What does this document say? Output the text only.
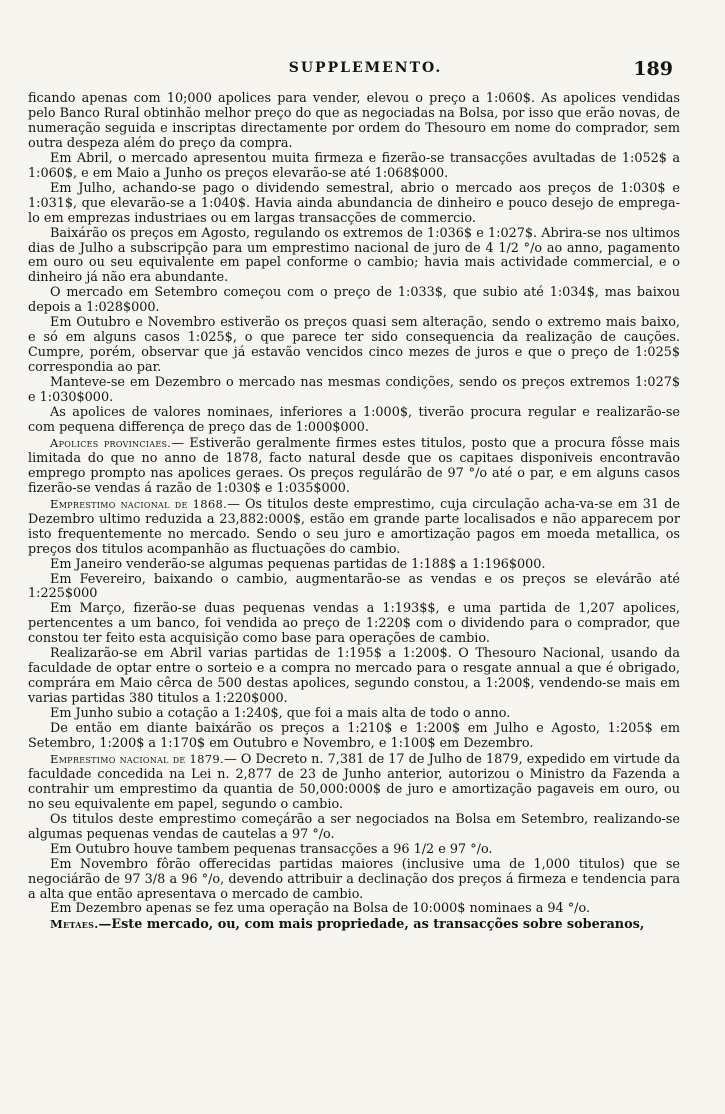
SUPPLEMENTO.	189

ficando apenas com 10;000 apolices para vender, elevou o preço a 1:060$. As apolices vendidas pelo Banco Rural obtinhão melhor preço do que as negociadas na Bolsa, por isso que erão novas, de numeração seguida e inscriptas directamente por ordem do Thesouro em nome do comprador, sem outra despeza além do preço da compra.

Em Abril, o mercado apresentou muita firmeza e fizerão-se transacções avultadas de 1:052$ a 1:060$, e em Maio a Junho os preços elevarão-se até 1:068$000.

Em Julho, achando-se pago o dividendo semestral, abrio o mercado aos preços de 1:030$ e 1:031$, que elevarão-se a 1:040$. Havia ainda abundancia de dinheiro e pouco desejo de emprega-lo em emprezas industriaes ou em largas transacções de commercio.

Baixárão os preços em Agosto, regulando os extremos de 1:036$ e 1:027$. Abrira-se nos ultimos dias de Julho a subscripção para um emprestimo nacional de juro de 4 1/2 °/o ao anno, pagamento em ouro ou seu equivalente em papel conforme o cambio; havia mais actividade commercial, e o dinheiro já não era abundante.

O mercado em Setembro começou com o preço de 1:033$, que subio até 1:034$, mas baixou depois a 1:028$000.

Em Outubro e Novembro estiverão os preços quasi sem alteração, sendo o extremo mais baixo, e só em alguns casos 1:025$, o que parece ter sido consequencia da realização de cauções. Cumpre, porém, observar que já estavão vencidos cinco mezes de juros e que o preço de 1:025$ correspondia ao par.

Manteve-se em Dezembro o mercado nas mesmas condições, sendo os preços extremos 1:027$ e 1:030$000.

As apolices de valores nominaes, inferiores a 1:000$, tiverão procura regular e realizarão-se com pequena differença de preço das de 1:000$000.

Apolices provinciaes.— Estiverão geralmente firmes estes titulos, posto que a procura fôsse mais limitada do que no anno de 1878, facto natural desde que os capitaes disponiveis encontravão emprego prompto nas apolices geraes. Os preços regulárão de 97 °/o até o par, e em alguns casos fizerão-se vendas á razão de 1:030$ e 1:035$000.

Emprestimo nacional de 1868.— Os titulos deste emprestimo, cuja circulação acha-va-se em 31 de Dezembro ultimo reduzida a 23,882:000$, estão em grande parte localisados e não apparecem por isto frequentemente no mercado. Sendo o seu juro e amortização pagos em moeda metallica, os preços dos titulos acompanhão as fluctuações do cambio.

Em Janeiro venderão-se algumas pequenas partidas de 1:188$ a 1:196$000.

Em Fevereiro, baixando o cambio, augmentarão-se as vendas e os preços se elevárão até 1:225$000

Em Março, fizerão-se duas pequenas vendas a 1:193$$, e uma partida de 1,207 apolices, pertencentes a um banco, foi vendida ao preço de 1:220$ com o dividendo para o comprador, que constou ter feito esta acquisição como base para operações de cambio.

Realizarão-se em Abril varias partidas de 1:195$ a 1:200$. O Thesouro Nacional, usando da faculdade de optar entre o sorteio e a compra no mercado para o resgate annual a que é obrigado, comprára em Maio cêrca de 500 destas apolices, segundo constou, a 1:200$, vendendo-se mais em varias partidas 380 titulos a 1:220$000.

Em Junho subio a cotação a 1:240$, que foi a mais alta de todo o anno.

De então em diante baixárão os preços a 1:210$ e 1:200$ em Julho e Agosto, 1:205$ em Setembro, 1:200$ a 1:170$ em Outubro e Novembro, e 1:100$ em Dezembro.

Emprestimo nacional de 1879.— O Decreto n. 7,381 de 17 de Julho de 1879, expedido em virtude da faculdade concedida na Lei n. 2,877 de 23 de Junho anterior, autorizou o Ministro da Fazenda a contrahir um emprestimo da quantia de 50,000:000$ de juro e amortização pagaveis em ouro, ou no seu equivalente em papel, segundo o cambio.

Os titulos deste emprestimo começárão a ser negociados na Bolsa em Setembro, realizando-se algumas pequenas vendas de cautelas a 97 °/o.

Em Outubro houve tambem pequenas transacções a 96 1/2 e 97 °/o.

Em Novembro fôrão offerecidas partidas maiores (inclusive uma de 1,000 titulos) que se negociárão de 97 3/8 a 96 °/o, devendo attribuir a declinação dos preços á firmeza e tendencia para a alta que então apresentava o mercado de cambio.

Em Dezembro apenas se fez uma operação na Bolsa de 10:000$ nominaes a 94 °/o.

Metaes.—Este mercado, ou, com mais propriedade, as transacções sobre soberanos,
